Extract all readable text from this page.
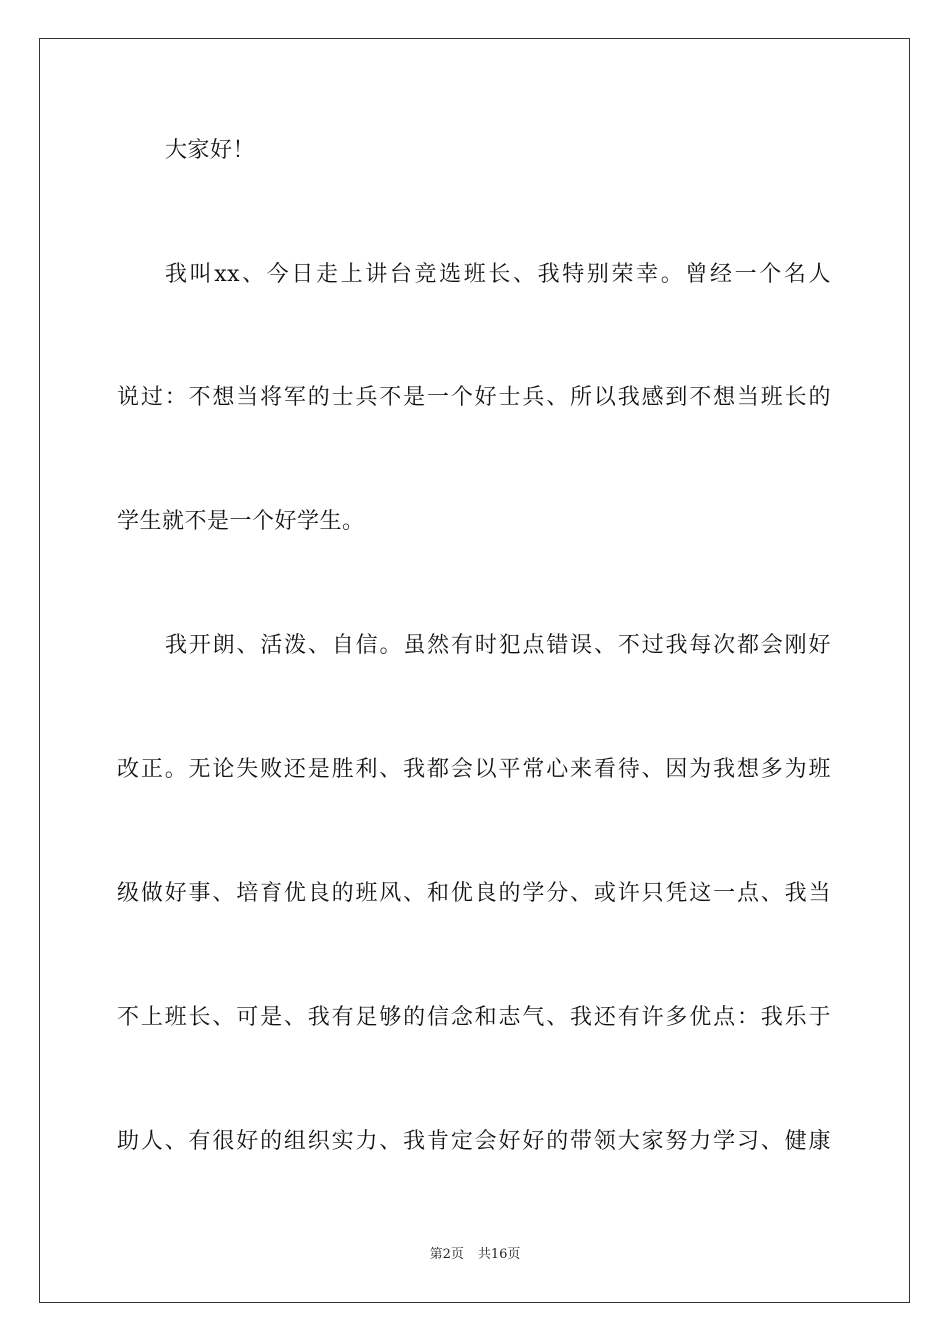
大家好！
我叫xx、今日走上讲台竞选班长、我特别荣幸。曾经一个名人
说过：不想当将军的士兵不是一个好士兵、所以我感到不想当班长的
学生就不是一个好学生。
我开朗、活泼、自信。虽然有时犯点错误、不过我每次都会刚好
改正。无论失败还是胜利、我都会以平常心来看待、因为我想多为班
级做好事、培育优良的班风、和优良的学分、或许只凭这一点、我当
不上班长、可是、我有足够的信念和志气、我还有许多优点：我乐于
助人、有很好的组织实力、我肯定会好好的带领大家努力学习、健康
第2页 共16页
